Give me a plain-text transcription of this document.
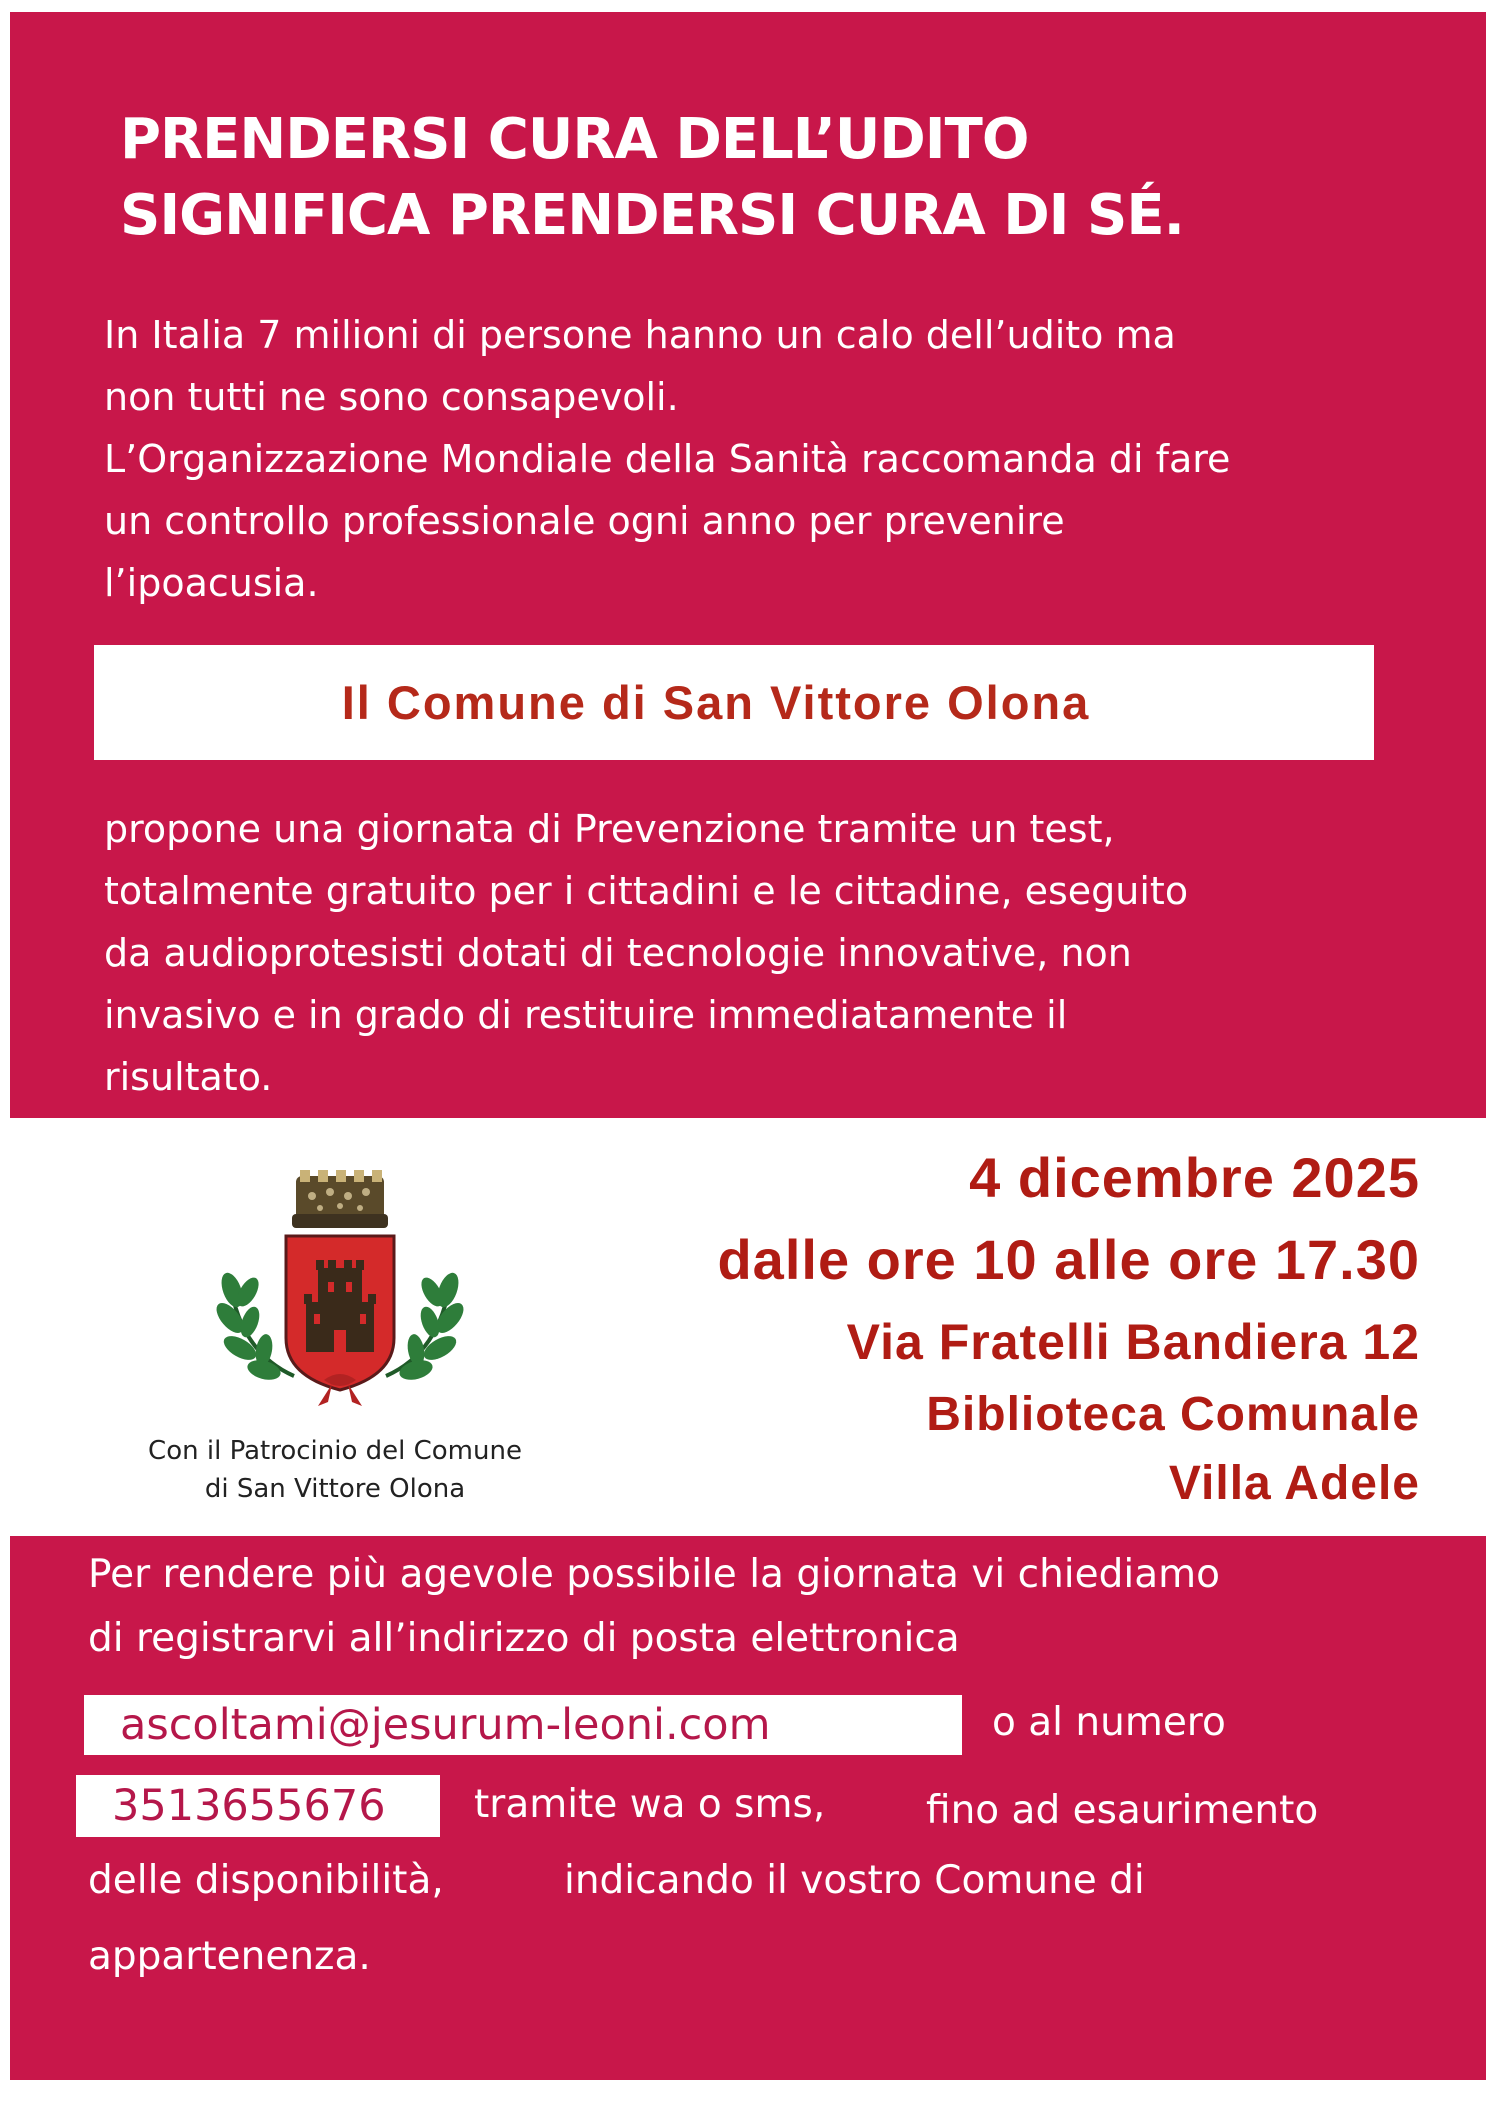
PRENDERSI CURA DELL’UDITO
SIGNIFICA PRENDERSI CURA DI SÉ.
In Italia 7 milioni di persone hanno un calo dell’udito ma
non tutti ne sono consapevoli.
L’Organizzazione Mondiale della Sanità raccomanda di fare
un controllo professionale ogni anno per prevenire
l’ipoacusia.
Il Comune di San Vittore Olona
propone una giornata di Prevenzione tramite un test,
totalmente gratuito per i cittadini e le cittadine, eseguito
da audioprotesisti dotati di tecnologie innovative, non
invasivo e in grado di restituire immediatamente il
risultato.
Con il Patrocinio del Comune
di San Vittore Olona
4 dicembre 2025
dalle ore 10 alle ore 17.30
Via Fratelli Bandiera 12
Biblioteca Comunale
Villa Adele
Per rendere più agevole possibile la giornata vi chiediamo
di registrarvi all’indirizzo di posta elettronica
ascoltami@jesurum-leoni.com	o al numero
3513655676 tramite wa o sms,	fino ad esaurimento
delle disponibilità,	indicando il vostro Comune di
appartenenza.
